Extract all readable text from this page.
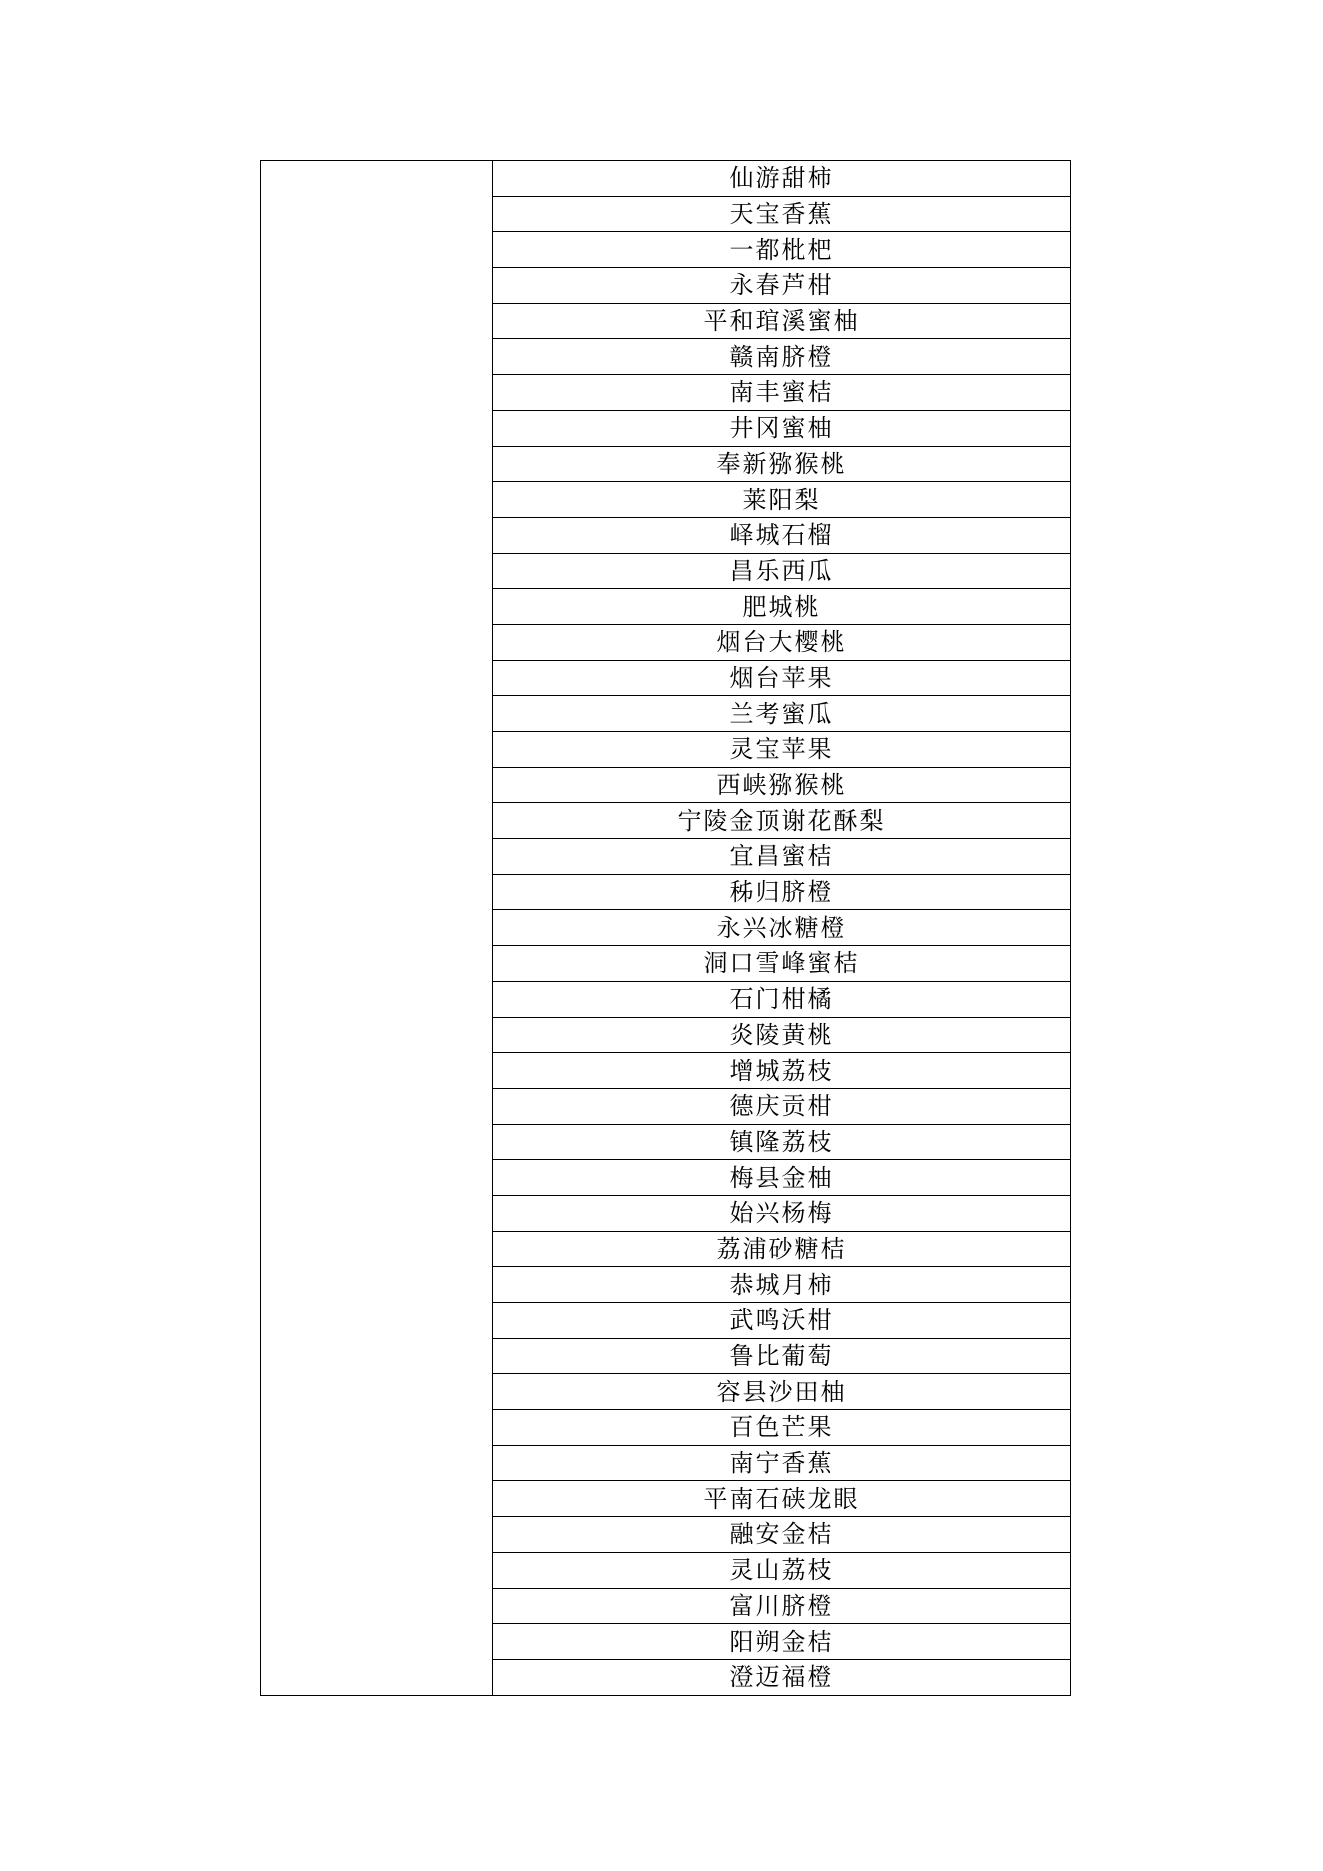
	仙游甜柿
天宝香蕉
一都枇杷
永春芦柑
平和琯溪蜜柚
赣南脐橙
南丰蜜桔
井冈蜜柚
奉新猕猴桃
莱阳梨
峄城石榴
昌乐西瓜
肥城桃
烟台大樱桃
烟台苹果
兰考蜜瓜
灵宝苹果
西峡猕猴桃
宁陵金顶谢花酥梨
宜昌蜜桔
秭归脐橙
永兴冰糖橙
洞口雪峰蜜桔
石门柑橘
炎陵黄桃
增城荔枝
德庆贡柑
镇隆荔枝
梅县金柚
始兴杨梅
荔浦砂糖桔
恭城月柿
武鸣沃柑
鲁比葡萄
容县沙田柚
百色芒果
南宁香蕉
平南石硖龙眼
融安金桔
灵山荔枝
富川脐橙
阳朔金桔
澄迈福橙
